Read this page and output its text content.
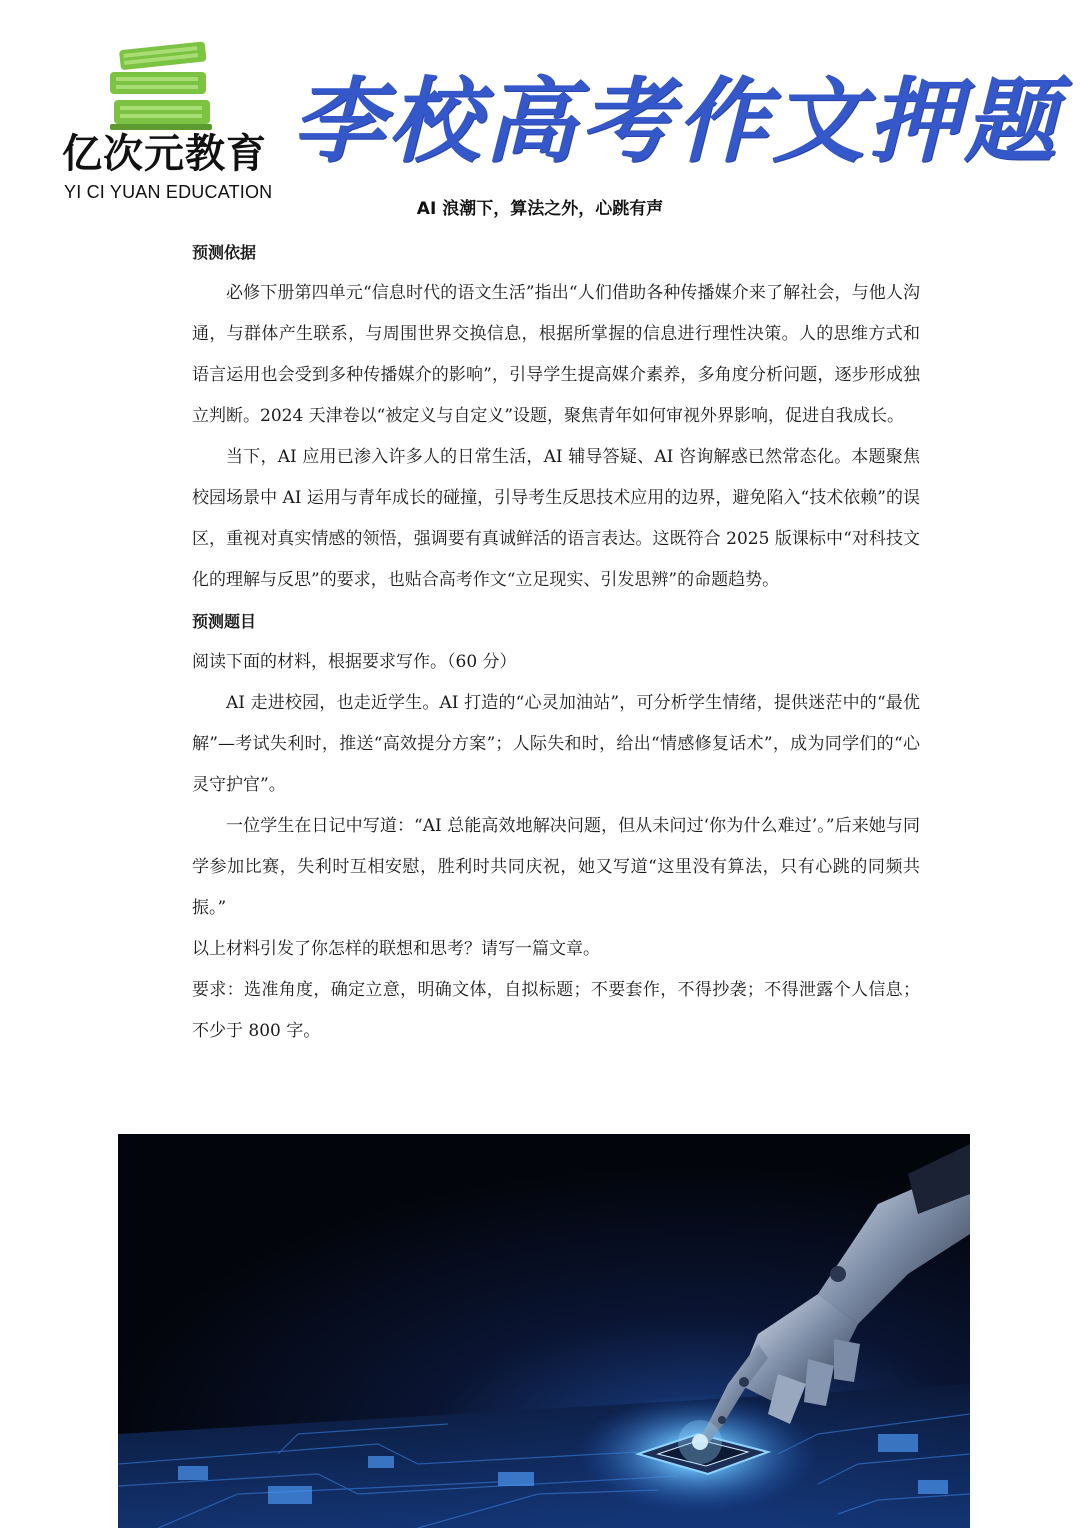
亿次元教育
YI CI YUAN EDUCATION
李校高考作文押题
AI 浪潮下，算法之外，心跳有声

预测依据

必修下册第四单元“信息时代的语文生活”指出“人们借助各种传播媒介来了解社会，与他人沟通，与群体产生联系，与周围世界交换信息，根据所掌握的信息进行理性决策。人的思维方式和语言运用也会受到多种传播媒介的影响”，引导学生提高媒介素养，多角度分析问题，逐步形成独立判断。2024 天津卷以“被定义与自定义”设题，聚焦青年如何审视外界影响，促进自我成长。

当下，AI 应用已渗入许多人的日常生活，AI 辅导答疑、AI 咨询解惑已然常态化。本题聚焦校园场景中 AI 运用与青年成长的碰撞，引导考生反思技术应用的边界，避免陷入“技术依赖”的误区，重视对真实情感的领悟，强调要有真诚鲜活的语言表达。这既符合 2025 版课标中“对科技文化的理解与反思”的要求，也贴合高考作文“立足现实、引发思辨”的命题趋势。

预测题目

阅读下面的材料，根据要求写作。（60 分）

AI 走进校园，也走近学生。AI 打造的“心灵加油站”，可分析学生情绪，提供迷茫中的“最优解”—考试失利时，推送“高效提分方案”；人际失和时，给出“情感修复话术”，成为同学们的“心灵守护官”。

一位学生在日记中写道：“AI 总能高效地解决问题，但从未问过‘你为什么难过’。”后来她与同学参加比赛，失利时互相安慰，胜利时共同庆祝，她又写道“这里没有算法，只有心跳的同频共振。”

以上材料引发了你怎样的联想和思考？请写一篇文章。

要求：选准角度，确定立意，明确文体，自拟标题；不要套作，不得抄袭；不得泄露个人信息；不少于 800 字。
